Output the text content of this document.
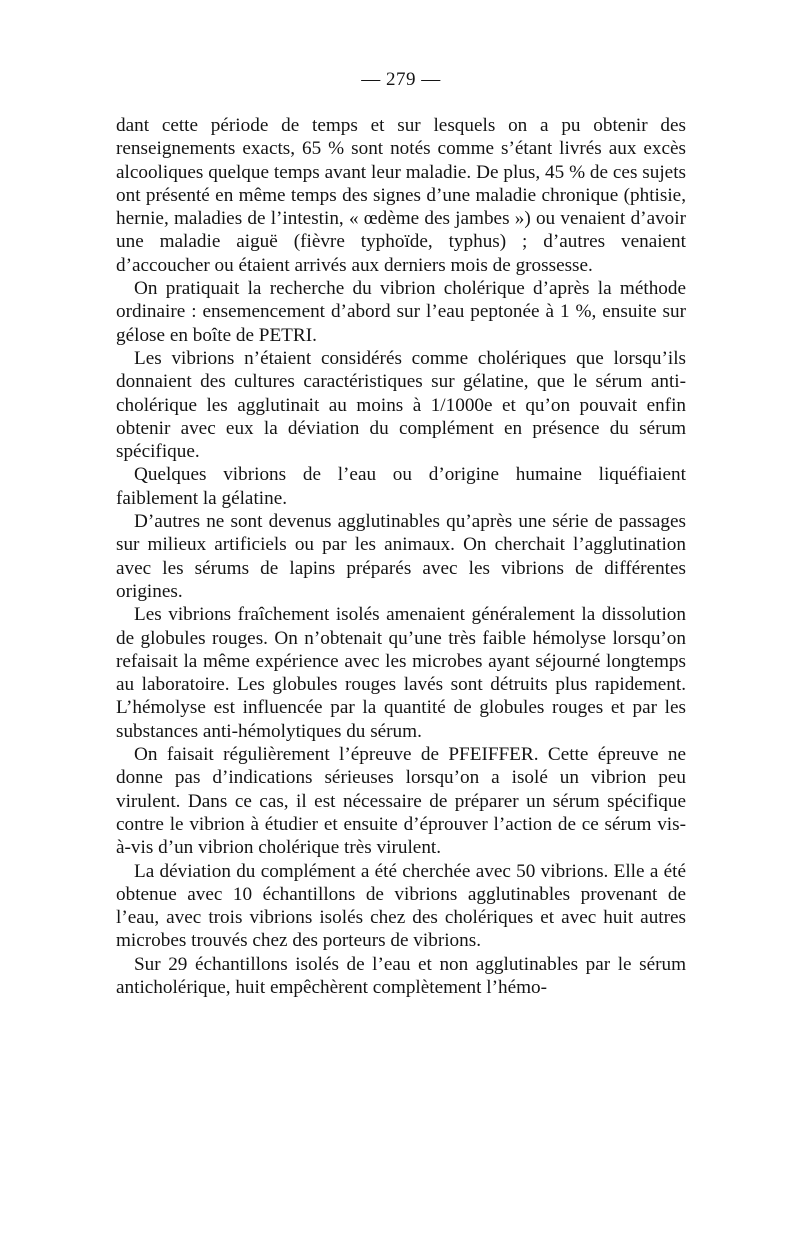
— 279 —

dant cette période de temps et sur lesquels on a pu obtenir des renseignements exacts, 65 % sont notés comme s’étant livrés aux excès alcooliques quelque temps avant leur maladie. De plus, 45 % de ces sujets ont présenté en même temps des signes d’une maladie chronique (phtisie, hernie, maladies de l’intestin, « œdème des jambes ») ou venaient d’avoir une maladie aiguë (fièvre typhoïde, typhus) ; d’autres venaient d’accoucher ou étaient arrivés aux derniers mois de grossesse.

On pratiquait la recherche du vibrion cholérique d’après la méthode ordinaire : ensemencement d’abord sur l’eau peptonée à 1 %, ensuite sur gélose en boîte de PETRI.

Les vibrions n’étaient considérés comme cholériques que lorsqu’ils donnaient des cultures caractéristiques sur gélatine, que le sérum anti-cholérique les agglutinait au moins à 1/1000e et qu’on pouvait enfin obtenir avec eux la déviation du complément en présence du sérum spécifique.

Quelques vibrions de l’eau ou d’origine humaine liquéfiaient faiblement la gélatine.

D’autres ne sont devenus agglutinables qu’après une série de passages sur milieux artificiels ou par les animaux. On cherchait l’agglutination avec les sérums de lapins préparés avec les vibrions de différentes origines.

Les vibrions fraîchement isolés amenaient généralement la dissolution de globules rouges. On n’obtenait qu’une très faible hémolyse lorsqu’on refaisait la même expérience avec les microbes ayant séjourné longtemps au laboratoire. Les globules rouges lavés sont détruits plus rapidement. L’hémolyse est influencée par la quantité de globules rouges et par les substances anti-hémolytiques du sérum.

On faisait régulièrement l’épreuve de PFEIFFER. Cette épreuve ne donne pas d’indications sérieuses lorsqu’on a isolé un vibrion peu virulent. Dans ce cas, il est nécessaire de préparer un sérum spécifique contre le vibrion à étudier et ensuite d’éprouver l’action de ce sérum vis-à-vis d’un vibrion cholérique très virulent.

La déviation du complément a été cherchée avec 50 vibrions. Elle a été obtenue avec 10 échantillons de vibrions agglutinables provenant de l’eau, avec trois vibrions isolés chez des cholériques et avec huit autres microbes trouvés chez des porteurs de vibrions.

Sur 29 échantillons isolés de l’eau et non agglutinables par le sérum anticholérique, huit empêchèrent complètement l’hémo-
